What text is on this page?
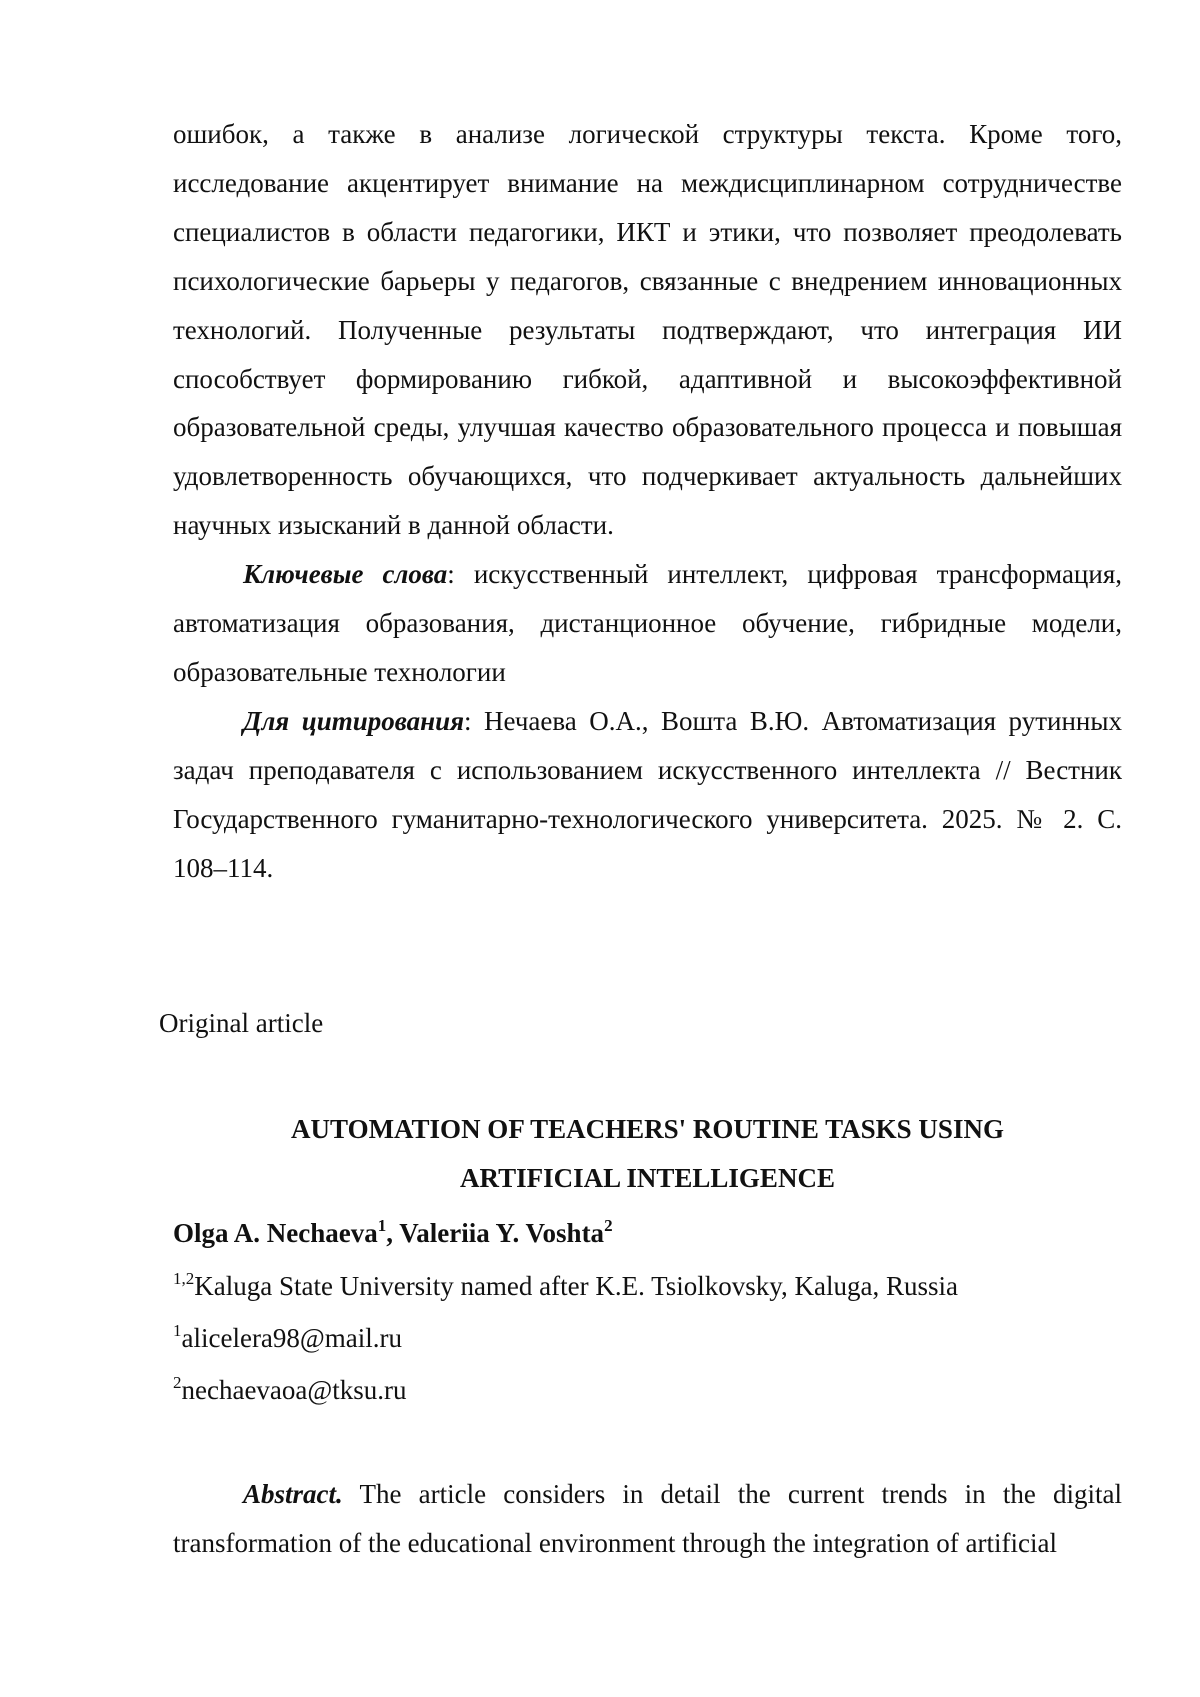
ошибок, а также в анализе логической структуры текста. Кроме того, исследование акцентирует внимание на междисциплинарном сотрудничестве специалистов в области педагогики, ИКТ и этики, что позволяет преодолевать психологические барьеры у педагогов, связанные с внедрением инновационных технологий. Полученные результаты подтверждают, что интеграция ИИ способствует формированию гибкой, адаптивной и высокоэффективной образовательной среды, улучшая качество образовательного процесса и повышая удовлетворенность обучающихся, что подчеркивает актуальность дальнейших научных изысканий в данной области.

Ключевые слова: искусственный интеллект, цифровая трансформация, автоматизация образования, дистанционное обучение, гибридные модели, образовательные технологии

Для цитирования: Нечаева О.А., Вошта В.Ю. Автоматизация рутинных задач преподавателя с использованием искусственного интеллекта // Вестник Государственного гуманитарно-технологического университета. 2025. № 2. С. 108–114.

Original article

AUTOMATION OF TEACHERS' ROUTINE TASKS USING
ARTIFICIAL INTELLIGENCE

Olga A. Nechaeva$^1$, Valeriia Y. Voshta$^2$

$^{1,2}$Kaluga State University named after K.E. Tsiolkovsky, Kaluga, Russia

$^1$alicelera98@mail.ru

$^2$nechaevaoa@tksu.ru

Abstract. The article considers in detail the current trends in the digital transformation of the educational environment through the integration of artificial
